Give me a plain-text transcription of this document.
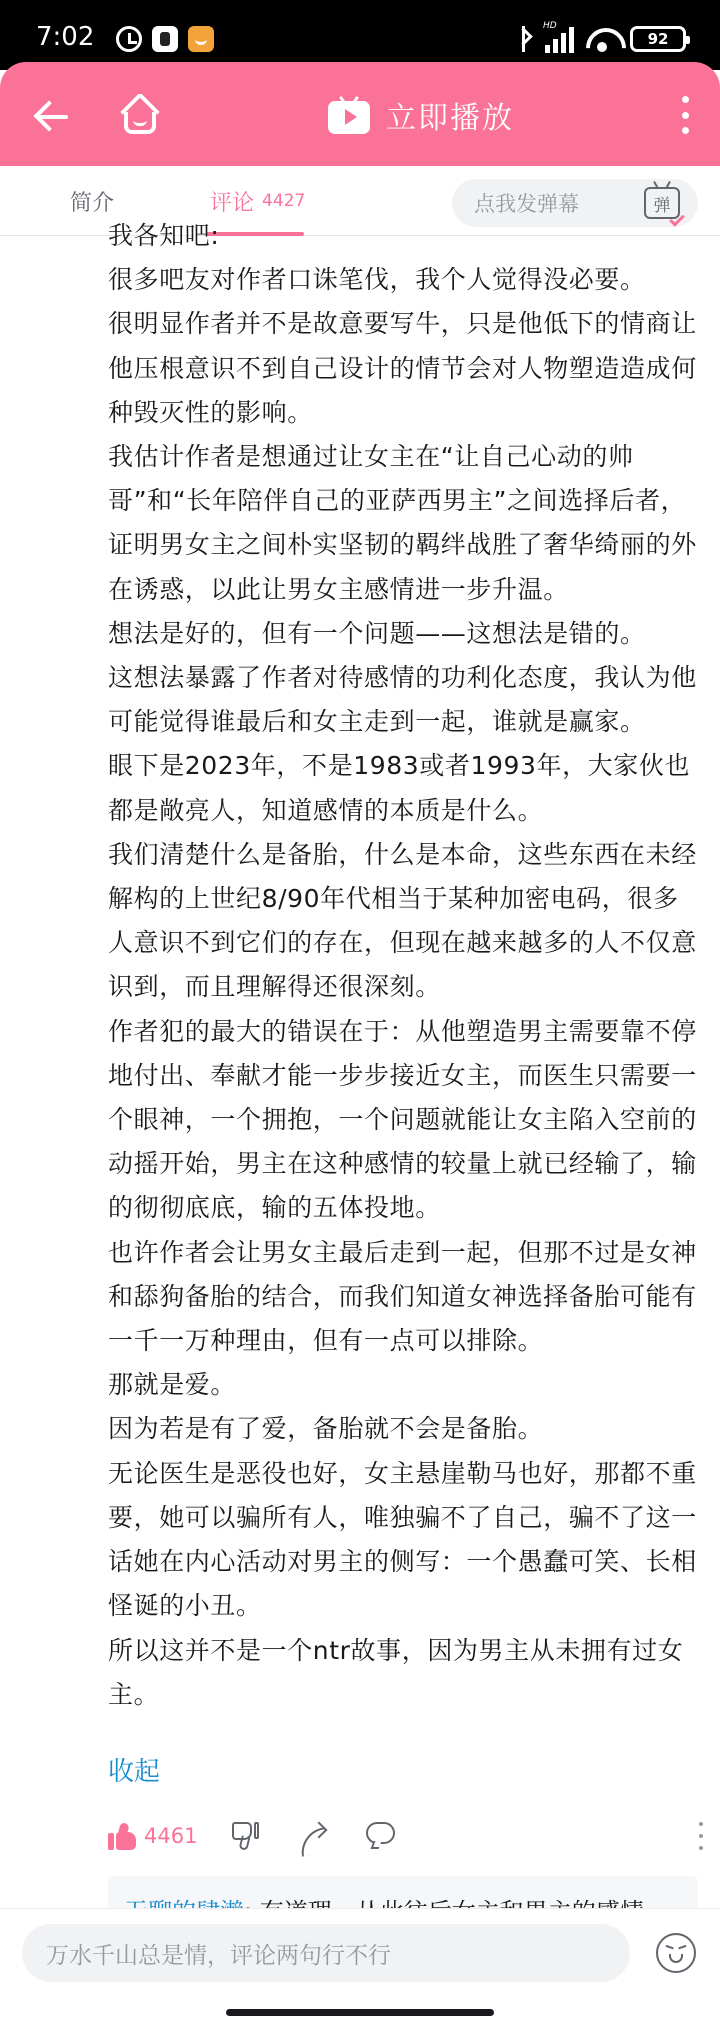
7:02	HD
92
立即播放
简介	评论 4427	点我发弹幕	弹

我各知吧:

很多吧友对作者口诛笔伐，我个人觉得没必要。

很明显作者并不是故意要写牛，只是他低下的情商让他压根意识不到自己设计的情节会对人物塑造造成何种毁灭性的影响。

我估计作者是想通过让女主在“让自己心动的帅哥”和“长年陪伴自己的亚萨西男主”之间选择后者，证明男女主之间朴实坚韧的羁绊战胜了奢华绮丽的外在诱惑，以此让男女主感情进一步升温。

想法是好的，但有一个问题——这想法是错的。

这想法暴露了作者对待感情的功利化态度，我认为他可能觉得谁最后和女主走到一起，谁就是赢家。

眼下是2023年，不是1983或者1993年，大家伙也都是敞亮人，知道感情的本质是什么。

我们清楚什么是备胎，什么是本命，这些东西在未经解构的上世纪8/90年代相当于某种加密电码，很多人意识不到它们的存在，但现在越来越多的人不仅意识到，而且理解得还很深刻。

作者犯的最大的错误在于：从他塑造男主需要靠不停地付出、奉献才能一步步接近女主，而医生只需要一个眼神，一个拥抱，一个问题就能让女主陷入空前的动摇开始，男主在这种感情的较量上就已经输了，输的彻彻底底，输的五体投地。

也许作者会让男女主最后走到一起，但那不过是女神和舔狗备胎的结合，而我们知道女神选择备胎可能有一千一万种理由，但有一点可以排除。

那就是爱。

因为若是有了爱，备胎就不会是备胎。

无论医生是恶役也好，女主悬崖勒马也好，那都不重要，她可以骗所有人，唯独骗不了自己，骗不了这一话她在内心活动对男主的侧写：一个愚蠢可笑、长相怪诞的小丑。

所以这并不是一个ntr故事，因为男主从未拥有过女主。

收起
4461
万水千山总是情，评论两句行不行
